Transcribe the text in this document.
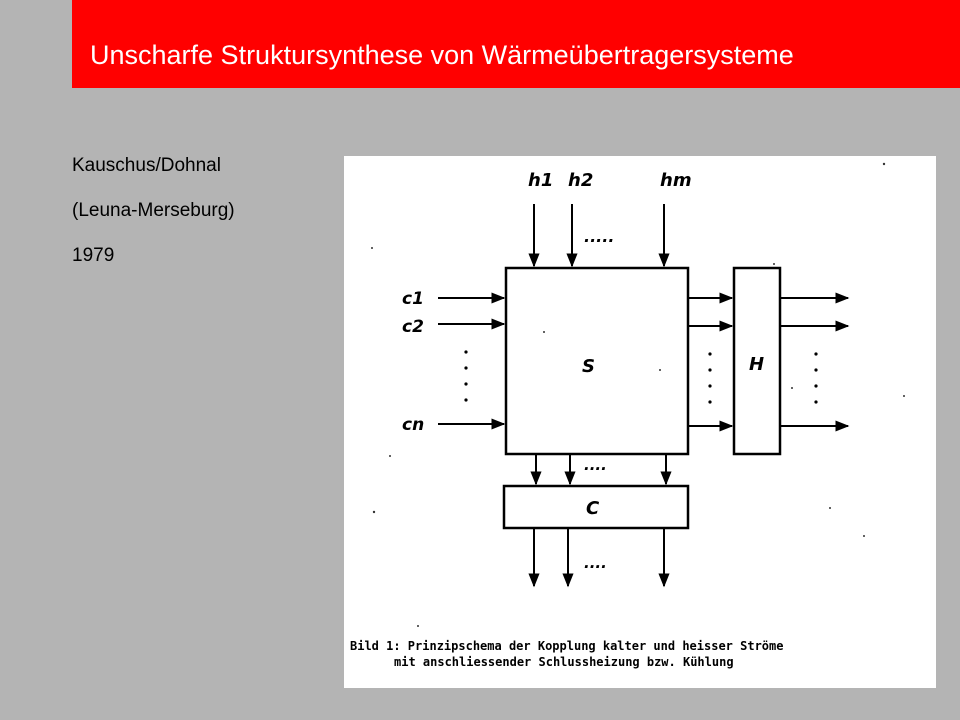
Unscharfe Struktursynthese von Wärmeübertragersysteme
Kauschus/Dohnal
(Leuna-Merseburg)
1979
h1 h2	hm
.....
c1
c2
cn
S	H
....
C
....
Bild 1: Prinzipschema der Kopplung kalter und heisser Ströme
mit anschliessender Schlussheizung bzw. Kühlung
